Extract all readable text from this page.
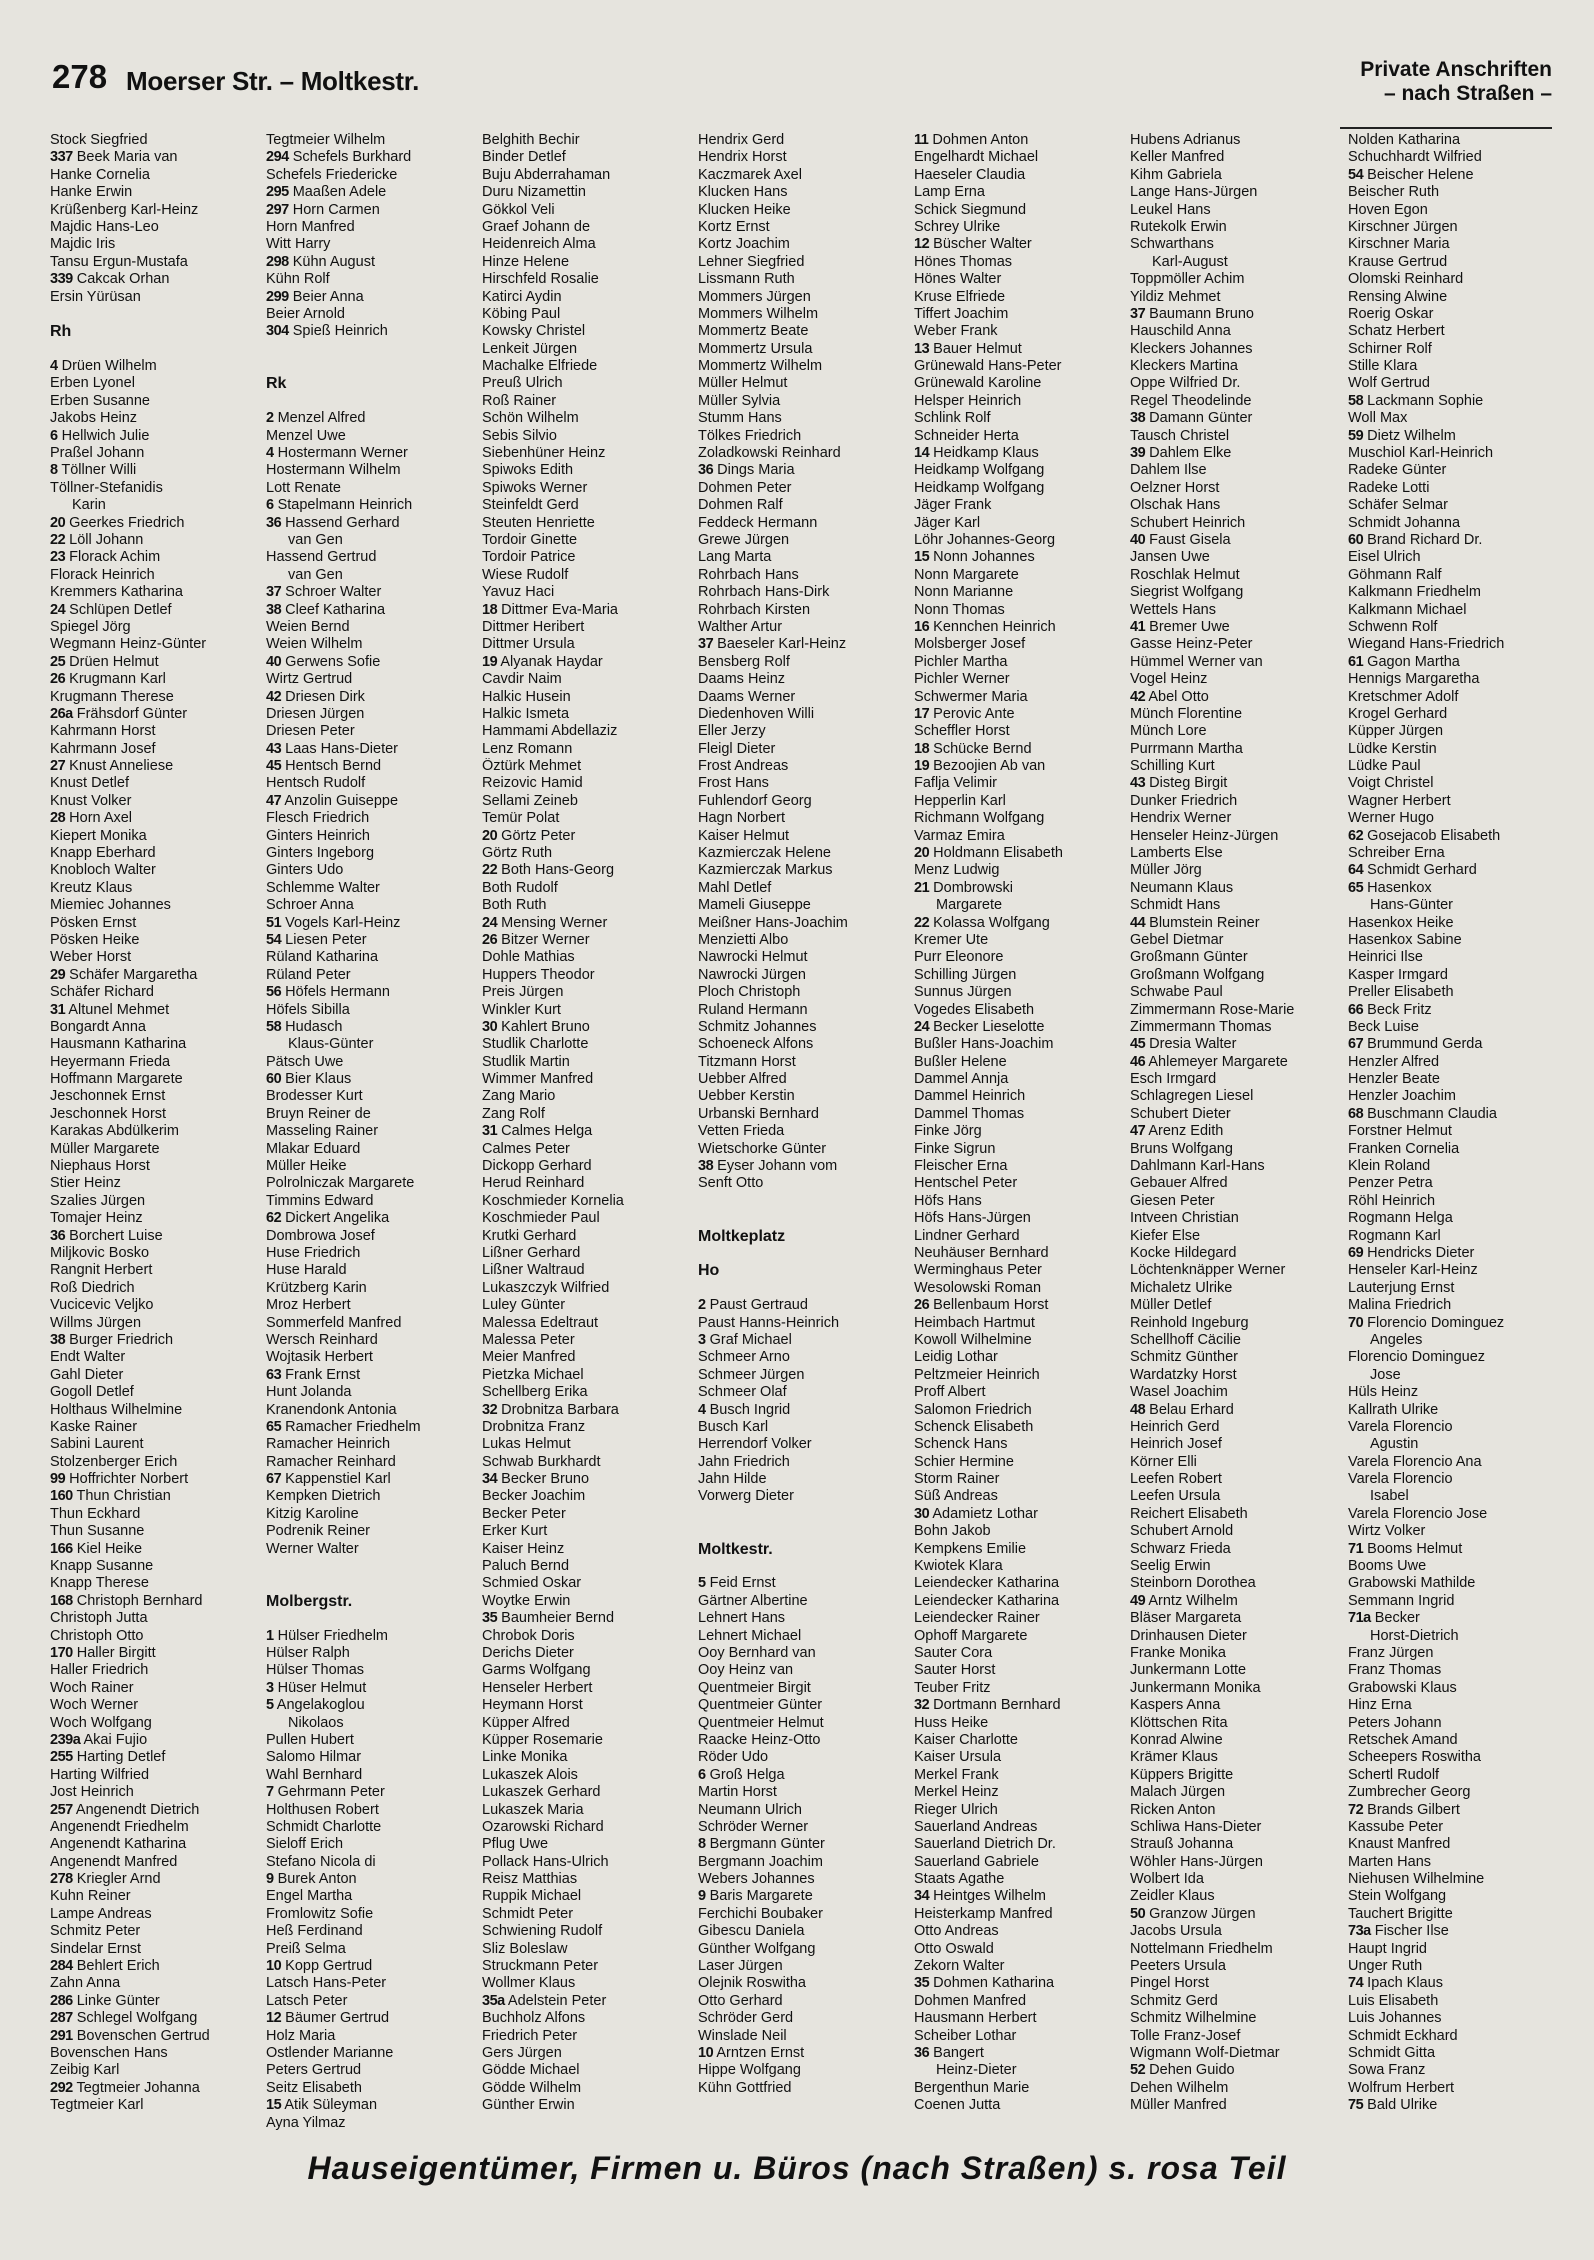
278 Moerser Str. – Moltkestr.	Private Anschriften
– nach Straßen –
Stock Siegfried
337 Beek Maria van
Hanke Cornelia
Hanke Erwin
Krüßenberg Karl-Heinz
Majdic Hans-Leo
Majdic Iris
Tansu Ergun-Mustafa
339 Cakcak Orhan
Ersin Yürüsan

Rh

4 Drüen Wilhelm
Erben Lyonel
Erben Susanne
Jakobs Heinz
6 Hellwich Julie
Praßel Johann
8 Töllner Willi
Töllner-Stefanidis
Karin
20 Geerkes Friedrich
22 Löll Johann
23 Florack Achim
Florack Heinrich
Kremmers Katharina
24 Schlüpen Detlef
Spiegel Jörg
Wegmann Heinz-Günter
25 Drüen Helmut
26 Krugmann Karl
Krugmann Therese
26a Frähsdorf Günter
Kahrmann Horst
Kahrmann Josef
27 Knust Anneliese
Knust Detlef
Knust Volker
28 Horn Axel
Kiepert Monika
Knapp Eberhard
Knobloch Walter
Kreutz Klaus
Miemiec Johannes
Pösken Ernst
Pösken Heike
Weber Horst
29 Schäfer Margaretha
Schäfer Richard
31 Altunel Mehmet
Bongardt Anna
Hausmann Katharina
Heyermann Frieda
Hoffmann Margarete
Jeschonnek Ernst
Jeschonnek Horst
Karakas Abdülkerim
Müller Margarete
Niephaus Horst
Stier Heinz
Szalies Jürgen
Tomajer Heinz
36 Borchert Luise
Miljkovic Bosko
Rangnit Herbert
Roß Diedrich
Vucicevic Veljko
Willms Jürgen
38 Burger Friedrich
Endt Walter
Gahl Dieter
Gogoll Detlef
Holthaus Wilhelmine
Kaske Rainer
Sabini Laurent
Stolzenberger Erich
99 Hoffrichter Norbert
160 Thun Christian
Thun Eckhard
Thun Susanne
166 Kiel Heike
Knapp Susanne
Knapp Therese
168 Christoph Bernhard
Christoph Jutta
Christoph Otto
170 Haller Birgitt
Haller Friedrich
Woch Rainer
Woch Werner
Woch Wolfgang
239a Akai Fujio
255 Harting Detlef
Harting Wilfried
Jost Heinrich
257 Angenendt Dietrich
Angenendt Friedhelm
Angenendt Katharina
Angenendt Manfred
278 Kriegler Arnd
Kuhn Reiner
Lampe Andreas
Schmitz Peter
Sindelar Ernst
284 Behlert Erich
Zahn Anna
286 Linke Günter
287 Schlegel Wolfgang
291 Bovenschen Gertrud
Bovenschen Hans
Zeibig Karl
292 Tegtmeier Johanna
Tegtmeier Karl
Tegtmeier Wilhelm
294 Schefels Burkhard
Schefels Friedericke
295 Maaßen Adele
297 Horn Carmen
Horn Manfred
Witt Harry
298 Kühn August
Kühn Rolf
299 Beier Anna
Beier Arnold
304 Spieß Heinrich

Rk

2 Menzel Alfred
Menzel Uwe
4 Hostermann Werner
Hostermann Wilhelm
Lott Renate
6 Stapelmann Heinrich
36 Hassend Gerhard
van Gen
Hassend Gertrud
van Gen
37 Schroer Walter
38 Cleef Katharina
Weien Bernd
Weien Wilhelm
40 Gerwens Sofie
Wirtz Gertrud
42 Driesen Dirk
Driesen Jürgen
Driesen Peter
43 Laas Hans-Dieter
45 Hentsch Bernd
Hentsch Rudolf
47 Anzolin Guiseppe
Flesch Friedrich
Ginters Heinrich
Ginters Ingeborg
Ginters Udo
Schlemme Walter
Schroer Anna
51 Vogels Karl-Heinz
54 Liesen Peter
Rüland Katharina
Rüland Peter
56 Höfels Hermann
Höfels Sibilla
58 Hudasch
Klaus-Günter
Pätsch Uwe
60 Bier Klaus
Brodesser Kurt
Bruyn Reiner de
Masseling Rainer
Mlakar Eduard
Müller Heike
Polrolniczak Margarete
Timmins Edward
62 Dickert Angelika
Dombrowa Josef
Huse Friedrich
Huse Harald
Krützberg Karin
Mroz Herbert
Sommerfeld Manfred
Wersch Reinhard
Wojtasik Herbert
63 Frank Ernst
Hunt Jolanda
Kranendonk Antonia
65 Ramacher Friedhelm
Ramacher Heinrich
Ramacher Reinhard
67 Kappenstiel Karl
Kempken Dietrich
Kitzig Karoline
Podrenik Reiner
Werner Walter

Molbergstr.

1 Hülser Friedhelm
Hülser Ralph
Hülser Thomas
3 Hüser Helmut
5 Angelakoglou
Nikolaos
Pullen Hubert
Salomo Hilmar
Wahl Bernhard
7 Gehrmann Peter
Holthusen Robert
Schmidt Charlotte
Sieloff Erich
Stefano Nicola di
9 Burek Anton
Engel Martha
Fromlowitz Sofie
Heß Ferdinand
Preiß Selma
10 Kopp Gertrud
Latsch Hans-Peter
Latsch Peter
12 Bäumer Gertrud
Holz Maria
Ostlender Marianne
Peters Gertrud
Seitz Elisabeth
15 Atik Süleyman
Ayna Yilmaz
Belghith Bechir
Binder Detlef
Buju Abderrahaman
Duru Nizamettin
Gökkol Veli
Graef Johann de
Heidenreich Alma
Hinze Helene
Hirschfeld Rosalie
Katirci Aydin
Köbing Paul
Kowsky Christel
Lenkeit Jürgen
Machalke Elfriede
Preuß Ulrich
Roß Rainer
Schön Wilhelm
Sebis Silvio
Siebenhüner Heinz
Spiwoks Edith
Spiwoks Werner
Steinfeldt Gerd
Steuten Henriette
Tordoir Ginette
Tordoir Patrice
Wiese Rudolf
Yavuz Haci
18 Dittmer Eva-Maria
Dittmer Heribert
Dittmer Ursula
19 Alyanak Haydar
Cavdir Naim
Halkic Husein
Halkic Ismeta
Hammami Abdellaziz
Lenz Romann
Öztürk Mehmet
Reizovic Hamid
Sellami Zeineb
Temür Polat
20 Görtz Peter
Görtz Ruth
22 Both Hans-Georg
Both Rudolf
Both Ruth
24 Mensing Werner
26 Bitzer Werner
Dohle Mathias
Huppers Theodor
Preis Jürgen
Winkler Kurt
30 Kahlert Bruno
Studlik Charlotte
Studlik Martin
Wimmer Manfred
Zang Mario
Zang Rolf
31 Calmes Helga
Calmes Peter
Dickopp Gerhard
Herud Reinhard
Koschmieder Kornelia
Koschmieder Paul
Krutki Gerhard
Lißner Gerhard
Lißner Waltraud
Lukaszczyk Wilfried
Luley Günter
Malessa Edeltraut
Malessa Peter
Meier Manfred
Pietzka Michael
Schellberg Erika
32 Drobnitza Barbara
Drobnitza Franz
Lukas Helmut
Schwab Burkhardt
34 Becker Bruno
Becker Joachim
Becker Peter
Erker Kurt
Kaiser Heinz
Paluch Bernd
Schmied Oskar
Woytke Erwin
35 Baumheier Bernd
Chrobok Doris
Derichs Dieter
Garms Wolfgang
Henseler Herbert
Heymann Horst
Küpper Alfred
Küpper Rosemarie
Linke Monika
Lukaszek Alois
Lukaszek Gerhard
Lukaszek Maria
Ozarowski Richard
Pflug Uwe
Pollack Hans-Ulrich
Reisz Matthias
Ruppik Michael
Schmidt Peter
Schwiening Rudolf
Sliz Boleslaw
Struckmann Peter
Wollmer Klaus
35a Adelstein Peter
Buchholz Alfons
Friedrich Peter
Gers Jürgen
Gödde Michael
Gödde Wilhelm
Günther Erwin
Hendrix Gerd
Hendrix Horst
Kaczmarek Axel
Klucken Hans
Klucken Heike
Kortz Ernst
Kortz Joachim
Lehner Siegfried
Lissmann Ruth
Mommers Jürgen
Mommers Wilhelm
Mommertz Beate
Mommertz Ursula
Mommertz Wilhelm
Müller Helmut
Müller Sylvia
Stumm Hans
Tölkes Friedrich
Zoladkowski Reinhard
36 Dings Maria
Dohmen Peter
Dohmen Ralf
Feddeck Hermann
Grewe Jürgen
Lang Marta
Rohrbach Hans
Rohrbach Hans-Dirk
Rohrbach Kirsten
Walther Artur
37 Baeseler Karl-Heinz
Bensberg Rolf
Daams Heinz
Daams Werner
Diedenhoven Willi
Eller Jerzy
Fleigl Dieter
Frost Andreas
Frost Hans
Fuhlendorf Georg
Hagn Norbert
Kaiser Helmut
Kazmierczak Helene
Kazmierczak Markus
Mahl Detlef
Mameli Giuseppe
Meißner Hans-Joachim
Menzietti Albo
Nawrocki Helmut
Nawrocki Jürgen
Ploch Christoph
Ruland Hermann
Schmitz Johannes
Schoeneck Alfons
Titzmann Horst
Uebber Alfred
Uebber Kerstin
Urbanski Bernhard
Vetten Frieda
Wietschorke Günter
38 Eyser Johann vom
Senft Otto

Moltkeplatz

Ho

2 Paust Gertraud
Paust Hanns-Heinrich
3 Graf Michael
Schmeer Arno
Schmeer Jürgen
Schmeer Olaf
4 Busch Ingrid
Busch Karl
Herrendorf Volker
Jahn Friedrich
Jahn Hilde
Vorwerg Dieter

Moltkestr.

5 Feid Ernst
Gärtner Albertine
Lehnert Hans
Lehnert Michael
Ooy Bernhard van
Ooy Heinz van
Quentmeier Birgit
Quentmeier Günter
Quentmeier Helmut
Raacke Heinz-Otto
Röder Udo
6 Groß Helga
Martin Horst
Neumann Ulrich
Schröder Werner
8 Bergmann Günter
Bergmann Joachim
Webers Johannes
9 Baris Margarete
Ferchichi Boubaker
Gibescu Daniela
Günther Wolfgang
Laser Jürgen
Olejnik Roswitha
Otto Gerhard
Schröder Gerd
Winslade Neil
10 Arntzen Ernst
Hippe Wolfgang
Kühn Gottfried
11 Dohmen Anton
Engelhardt Michael
Haeseler Claudia
Lamp Erna
Schick Siegmund
Schrey Ulrike
12 Büscher Walter
Hönes Thomas
Hönes Walter
Kruse Elfriede
Tiffert Joachim
Weber Frank
13 Bauer Helmut
Grünewald Hans-Peter
Grünewald Karoline
Helsper Heinrich
Schlink Rolf
Schneider Herta
14 Heidkamp Klaus
Heidkamp Wolfgang
Heidkamp Wolfgang
Jäger Frank
Jäger Karl
Löhr Johannes-Georg
15 Nonn Johannes
Nonn Margarete
Nonn Marianne
Nonn Thomas
16 Kennchen Heinrich
Molsberger Josef
Pichler Martha
Pichler Werner
Schwermer Maria
17 Perovic Ante
Scheffler Horst
18 Schücke Bernd
19 Bezoojien Ab van
Faflja Velimir
Hepperlin Karl
Richmann Wolfgang
Varmaz Emira
20 Holdmann Elisabeth
Menz Ludwig
21 Dombrowski
Margarete
22 Kolassa Wolfgang
Kremer Ute
Purr Eleonore
Schilling Jürgen
Sunnus Jürgen
Vogedes Elisabeth
24 Becker Lieselotte
Bußler Hans-Joachim
Bußler Helene
Dammel Annja
Dammel Heinrich
Dammel Thomas
Finke Jörg
Finke Sigrun
Fleischer Erna
Hentschel Peter
Höfs Hans
Höfs Hans-Jürgen
Lindner Gerhard
Neuhäuser Bernhard
Werminghaus Peter
Wesolowski Roman
26 Bellenbaum Horst
Heimbach Hartmut
Kowoll Wilhelmine
Leidig Lothar
Peltzmeier Heinrich
Proff Albert
Salomon Friedrich
Schenck Elisabeth
Schenck Hans
Schier Hermine
Storm Rainer
Süß Andreas
30 Adamietz Lothar
Bohn Jakob
Kempkens Emilie
Kwiotek Klara
Leiendecker Katharina
Leiendecker Katharina
Leiendecker Rainer
Ophoff Margarete
Sauter Cora
Sauter Horst
Teuber Fritz
32 Dortmann Bernhard
Huss Heike
Kaiser Charlotte
Kaiser Ursula
Merkel Frank
Merkel Heinz
Rieger Ulrich
Sauerland Andreas
Sauerland Dietrich Dr.
Sauerland Gabriele
Staats Agathe
34 Heintges Wilhelm
Heisterkamp Manfred
Otto Andreas
Otto Oswald
Zekorn Walter
35 Dohmen Katharina
Dohmen Manfred
Hausmann Herbert
Scheiber Lothar
36 Bangert
Heinz-Dieter
Bergenthun Marie
Coenen Jutta
Hubens Adrianus
Keller Manfred
Kihm Gabriela
Lange Hans-Jürgen
Leukel Hans
Rutekolk Erwin
Schwarthans
Karl-August
Toppmöller Achim
Yildiz Mehmet
37 Baumann Bruno
Hauschild Anna
Kleckers Johannes
Kleckers Martina
Oppe Wilfried Dr.
Regel Theodelinde
38 Damann Günter
Tausch Christel
39 Dahlem Elke
Dahlem Ilse
Oelzner Horst
Olschak Hans
Schubert Heinrich
40 Faust Gisela
Jansen Uwe
Roschlak Helmut
Siegrist Wolfgang
Wettels Hans
41 Bremer Uwe
Gasse Heinz-Peter
Hümmel Werner van
Vogel Heinz
42 Abel Otto
Münch Florentine
Münch Lore
Purrmann Martha
Schilling Kurt
43 Disteg Birgit
Dunker Friedrich
Hendrix Werner
Henseler Heinz-Jürgen
Lamberts Else
Müller Jörg
Neumann Klaus
Schmidt Hans
44 Blumstein Reiner
Gebel Dietmar
Großmann Günter
Großmann Wolfgang
Schwabe Paul
Zimmermann Rose-Marie
Zimmermann Thomas
45 Dresia Walter
46 Ahlemeyer Margarete
Esch Irmgard
Schlagregen Liesel
Schubert Dieter
47 Arenz Edith
Bruns Wolfgang
Dahlmann Karl-Hans
Gebauer Alfred
Giesen Peter
Intveen Christian
Kiefer Else
Kocke Hildegard
Löchtenknäpper Werner
Michaletz Ulrike
Müller Detlef
Reinhold Ingeburg
Schellhoff Cäcilie
Schmitz Günther
Wardatzky Horst
Wasel Joachim
48 Belau Erhard
Heinrich Gerd
Heinrich Josef
Körner Elli
Leefen Robert
Leefen Ursula
Reichert Elisabeth
Schubert Arnold
Schwarz Frieda
Seelig Erwin
Steinborn Dorothea
49 Arntz Wilhelm
Bläser Margareta
Drinhausen Dieter
Franke Monika
Junkermann Lotte
Junkermann Monika
Kaspers Anna
Klöttschen Rita
Konrad Alwine
Krämer Klaus
Küppers Brigitte
Malach Jürgen
Ricken Anton
Schliwa Hans-Dieter
Strauß Johanna
Wöhler Hans-Jürgen
Wolbert Ida
Zeidler Klaus
50 Granzow Jürgen
Jacobs Ursula
Nottelmann Friedhelm
Peeters Ursula
Pingel Horst
Schmitz Gerd
Schmitz Wilhelmine
Tolle Franz-Josef
Wigmann Wolf-Dietmar
52 Dehen Guido
Dehen Wilhelm
Müller Manfred
Nolden Katharina
Schuchhardt Wilfried
54 Beischer Helene
Beischer Ruth
Hoven Egon
Kirschner Jürgen
Kirschner Maria
Krause Gertrud
Olomski Reinhard
Rensing Alwine
Roerig Oskar
Schatz Herbert
Schirner Rolf
Stille Klara
Wolf Gertrud
58 Lackmann Sophie
Woll Max
59 Dietz Wilhelm
Muschiol Karl-Heinrich
Radeke Günter
Radeke Lotti
Schäfer Selmar
Schmidt Johanna
60 Brand Richard Dr.
Eisel Ulrich
Göhmann Ralf
Kalkmann Friedhelm
Kalkmann Michael
Schwenn Rolf
Wiegand Hans-Friedrich
61 Gagon Martha
Hennigs Margaretha
Kretschmer Adolf
Krogel Gerhard
Küpper Jürgen
Lüdke Kerstin
Lüdke Paul
Voigt Christel
Wagner Herbert
Werner Hugo
62 Gosejacob Elisabeth
Schreiber Erna
64 Schmidt Gerhard
65 Hasenkox
Hans-Günter
Hasenkox Heike
Hasenkox Sabine
Heinrici Ilse
Kasper Irmgard
Preller Elisabeth
66 Beck Fritz
Beck Luise
67 Brummund Gerda
Henzler Alfred
Henzler Beate
Henzler Joachim
68 Buschmann Claudia
Forstner Helmut
Franken Cornelia
Klein Roland
Penzer Petra
Röhl Heinrich
Rogmann Helga
Rogmann Karl
69 Hendricks Dieter
Henseler Karl-Heinz
Lauterjung Ernst
Malina Friedrich
70 Florencio Dominguez
Angeles
Florencio Dominguez
Jose
Hüls Heinz
Kallrath Ulrike
Varela Florencio
Agustin
Varela Florencio Ana
Varela Florencio
Isabel
Varela Florencio Jose
Wirtz Volker
71 Booms Helmut
Booms Uwe
Grabowski Mathilde
Semmann Ingrid
71a Becker
Horst-Dietrich
Franz Jürgen
Franz Thomas
Grabowski Klaus
Hinz Erna
Peters Johann
Retschek Amand
Scheepers Roswitha
Schertl Rudolf
Zumbrecher Georg
72 Brands Gilbert
Kassube Peter
Knaust Manfred
Marten Hans
Niehusen Wilhelmine
Stein Wolfgang
Tauchert Brigitte
73a Fischer Ilse
Haupt Ingrid
Unger Ruth
74 Ipach Klaus
Luis Elisabeth
Luis Johannes
Schmidt Eckhard
Schmidt Gitta
Sowa Franz
Wolfrum Herbert
75 Bald Ulrike
Hauseigentümer, Firmen u. Büros (nach Straßen) s. rosa Teil
